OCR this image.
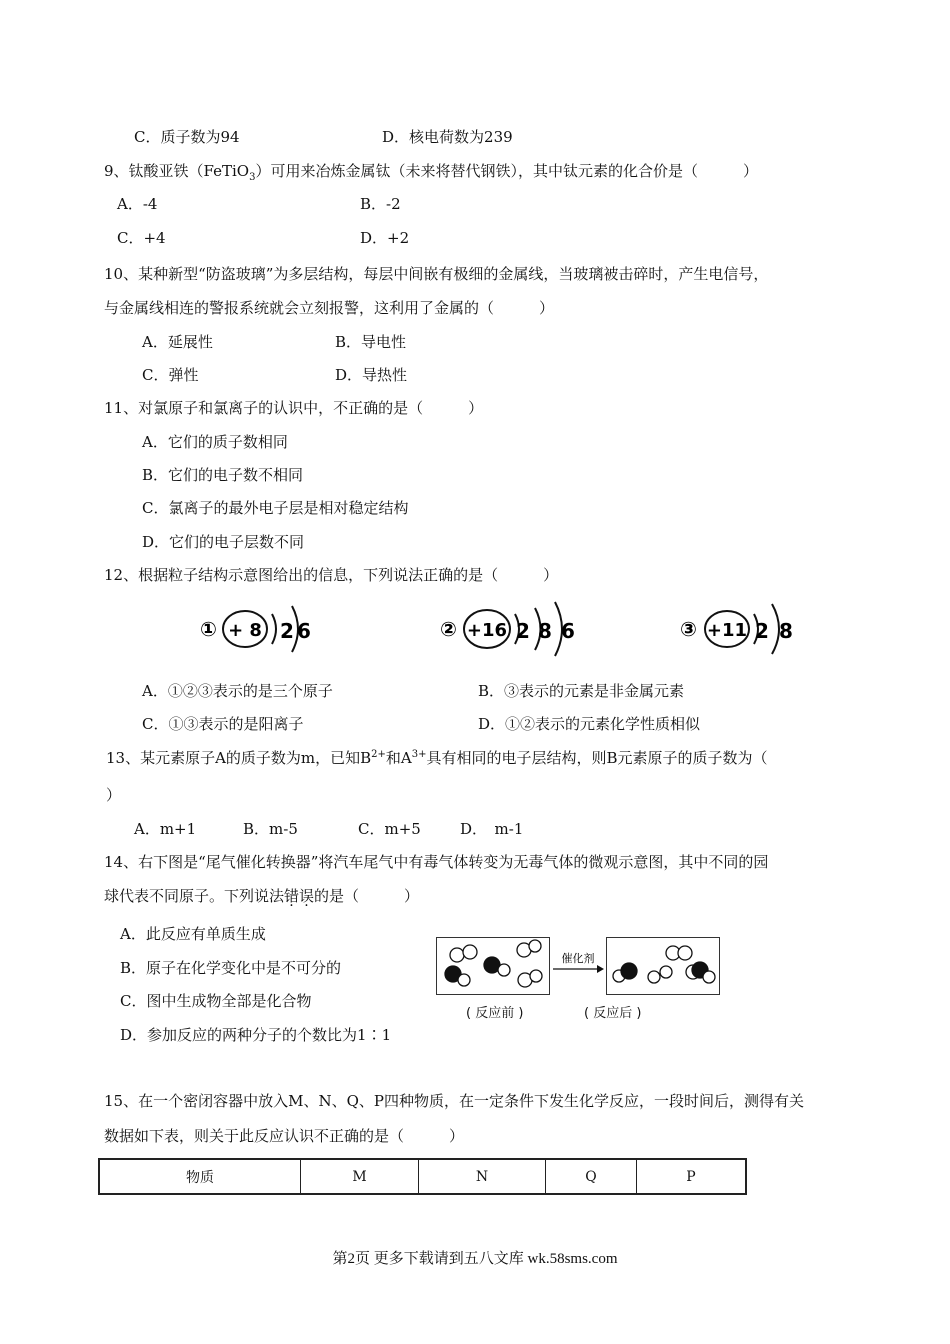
C．质子数为94	D．核电荷数为239
9、钛酸亚铁（FeTiO$_3$）可用来冶炼金属钛（未来将替代钢铁），其中钛元素的化合价是（　　　）
A．-4	B．-2
C．+4	D．+2
10、某种新型“防盗玻璃”为多层结构，每层中间嵌有极细的金属线，当玻璃被击碎时，产生电信号，
与金属线相连的警报系统就会立刻报警，这利用了金属的（　　　）
A．延展性	B．导电性
C．弹性	D．导热性
11、对氯原子和氯离子的认识中，不正确的是（　　　）
A．它们的质子数相同
B．它们的电子数不相同
C．氯离子的最外电子层是相对稳定结构
D．它们的电子层数不同
12、根据粒子结构示意图给出的信息，下列说法正确的是（　　　）
① + 8 2 6	② +16 2 8 6	③ +11 2 8
A．①②③表示的是三个原子	B．③表示的元素是非金属元素
C．①③表示的是阳离子	D．①②表示的元素化学性质相似
13、某元素原子A的质子数为m，已知$B^{2+}$和$A^{3+}$具有相同的电子层结构，则B元素原子的质子数为（
）
A．m+1	B．m-5	C．m+5	D．　m-1
14、右下图是“尾气催化转换器”将汽车尾气中有毒气体转变为无毒气体的微观示意图，其中不同的园
球代表不同原子。下列说法错误的是（　　　）
A．此反应有单质生成
B．原子在化学变化中是不可分的
C．图中生成物全部是化合物
D．参加反应的两种分子的个数比为1∶1
催化剂
( 反应前 )	( 反应后 )
15、在一个密闭容器中放入M、N、Q、P四种物质，在一定条件下发生化学反应，一段时间后，测得有关
数据如下表，则关于此反应认识不正确的是（　　　）
物质	M	N	Q	P
第2页 更多下载请到五八文库 wk.58sms.com
